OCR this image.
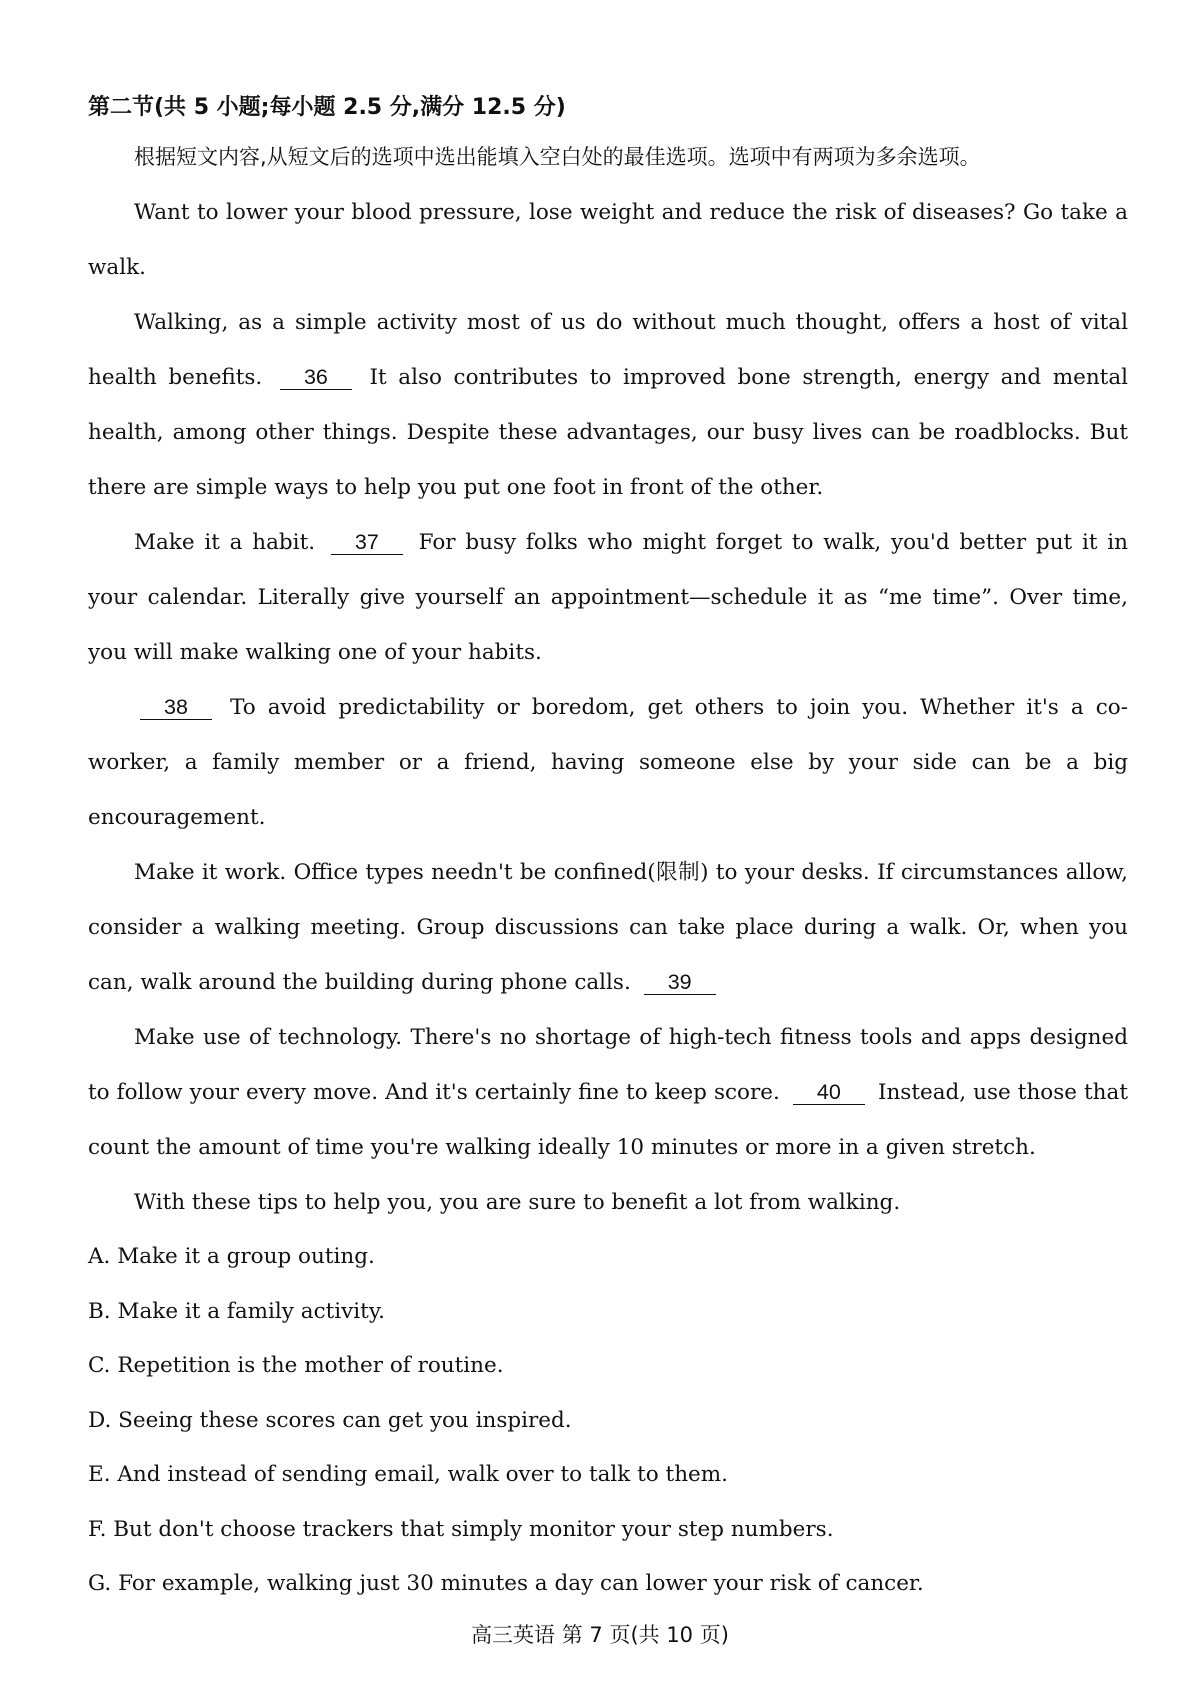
第二节(共 5 小题;每小题 2.5 分,满分 12.5 分)

根据短文内容,从短文后的选项中选出能填入空白处的最佳选项。选项中有两项为多余选项。

Want to lower your blood pressure, lose weight and reduce the risk of diseases? Go take a walk.

Walking, as a simple activity most of us do without much thought, offers a host of vital health benefits. 36 It also contributes to improved bone strength, energy and mental health, among other things. Despite these advantages, our busy lives can be roadblocks. But there are simple ways to help you put one foot in front of the other.

Make it a habit. 37 For busy folks who might forget to walk, you'd better put it in your calendar. Literally give yourself an appointment—schedule it as “me time”. Over time, you will make walking one of your habits.

38 To avoid predictability or boredom, get others to join you. Whether it's a co-worker, a family member or a friend, having someone else by your side can be a big encouragement.

Make it work. Office types needn't be confined(限制) to your desks. If circumstances allow, consider a walking meeting. Group discussions can take place during a walk. Or, when you can, walk around the building during phone calls. 39

Make use of technology. There's no shortage of high-tech fitness tools and apps designed to follow your every move. And it's certainly fine to keep score. 40 Instead, use those that count the amount of time you're walking ideally 10 minutes or more in a given stretch.

With these tips to help you, you are sure to benefit a lot from walking.

A. Make it a group outing.

B. Make it a family activity.

C. Repetition is the mother of routine.

D. Seeing these scores can get you inspired.

E. And instead of sending email, walk over to talk to them.

F. But don't choose trackers that simply monitor your step numbers.

G. For example, walking just 30 minutes a day can lower your risk of cancer.

高三英语 第 7 页(共 10 页)
